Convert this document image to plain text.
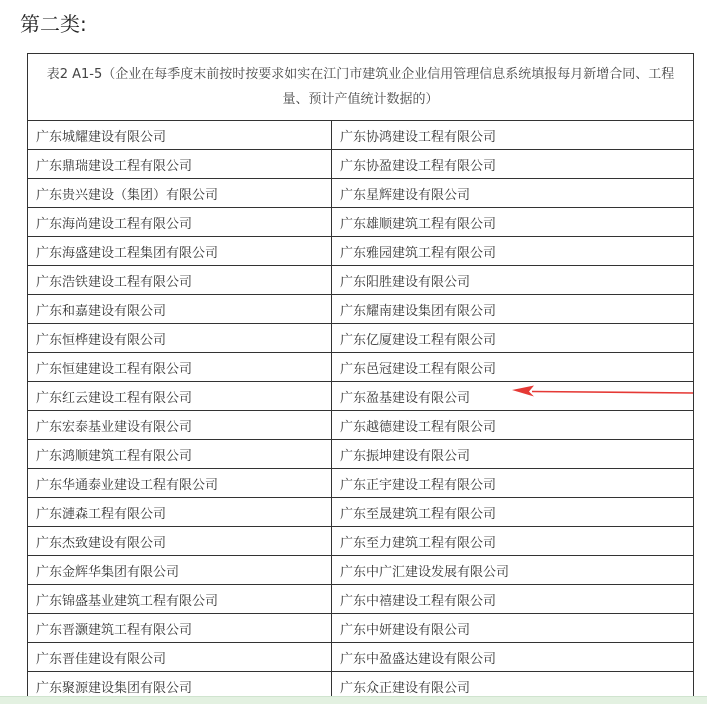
第二类:
表2 A1-5（企业在每季度末前按时按要求如实在江门市建筑业企业信用管理信息系统填报每月新增合同、工程量、预计产值统计数据的）	
广东城耀建设有限公司	广东协鸿建设工程有限公司
广东鼎瑞建设工程有限公司	广东协盈建设工程有限公司
广东贵兴建设（集团）有限公司	广东星辉建设有限公司
广东海尚建设工程有限公司	广东雄顺建筑工程有限公司
广东海盛建设工程集团有限公司	广东雅园建筑工程有限公司
广东浩铁建设工程有限公司	广东阳胜建设有限公司
广东和嘉建设有限公司	广东耀南建设集团有限公司
广东恒桦建设有限公司	广东亿厦建设工程有限公司
广东恒建建设工程有限公司	广东邑冠建设工程有限公司
广东红云建设工程有限公司	广东盈基建设有限公司
广东宏泰基业建设有限公司	广东越德建设工程有限公司
广东鸿顺建筑工程有限公司	广东振坤建设有限公司
广东华通泰业建设工程有限公司	广东正宇建设工程有限公司
广东漣森工程有限公司	广东至晟建筑工程有限公司
广东杰致建设有限公司	广东至力建筑工程有限公司
广东金辉华集团有限公司	广东中广汇建设发展有限公司
广东锦盛基业建筑工程有限公司	广东中禧建设工程有限公司
广东晋灏建筑工程有限公司	广东中妍建设有限公司
广东晋佳建设有限公司	广东中盈盛达建设有限公司
广东聚源建设集团有限公司	广东众正建设有限公司
